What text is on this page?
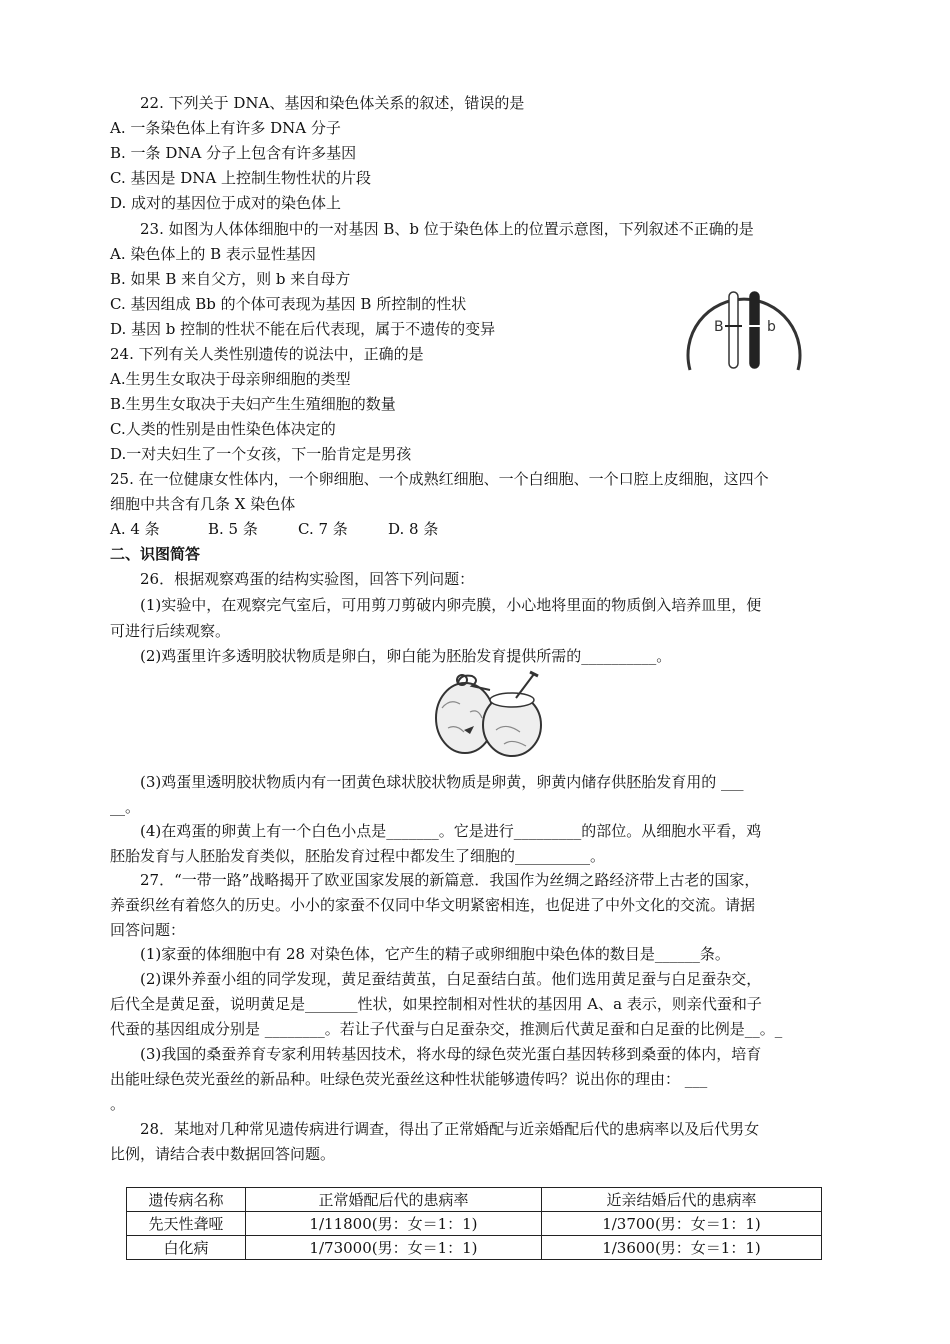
22. 下列关于 DNA、基因和染色体关系的叙述，错误的是
A. 一条染色体上有许多 DNA 分子
B. 一条 DNA 分子上包含有许多基因
C. 基因是 DNA 上控制生物性状的片段
D. 成对的基因位于成对的染色体上
23. 如图为人体体细胞中的一对基因 B、b 位于染色体上的位置示意图，下列叙述不正确的是
A. 染色体上的 B 表示显性基因
B. 如果 B 来自父方，则 b 来自母方
C. 基因组成 Bb 的个体可表现为基因 B 所控制的性状
D. 基因 b 控制的性状不能在后代表现，属于不遗传的变异	B	b
24. 下列有关人类性别遗传的说法中，正确的是
A.生男生女取决于母亲卵细胞的类型
B.生男生女取决于夫妇产生生殖细胞的数量
C.人类的性别是由性染色体决定的
D.一对夫妇生了一个女孩，下一胎肯定是男孩
25. 在一位健康女性体内，一个卵细胞、一个成熟红细胞、一个白细胞、一个口腔上皮细胞，这四个
细胞中共含有几条 X 染色体
A. 4 条	B. 5 条	C. 7 条	D. 8 条
二、识图简答
26．根据观察鸡蛋的结构实验图，回答下列问题：
(1)实验中，在观察完气室后，可用剪刀剪破内卵壳膜，小心地将里面的物质倒入培养皿里，便
可进行后续观察。
(2)鸡蛋里许多透明胶状物质是卵白，卵白能为胚胎发育提供所需的__________。
(3)鸡蛋里透明胶状物质内有一团黄色球状胶状物质是卵黄，卵黄内储存供胚胎发育用的 ___
__。
(4)在鸡蛋的卵黄上有一个白色小点是_______。它是进行_________的部位。从细胞水平看，鸡
胚胎发育与人胚胎发育类似，胚胎发育过程中都发生了细胞的__________。
27．“一带一路”战略揭开了欧亚国家发展的新篇意．我国作为丝绸之路经济带上古老的国家，
养蚕织丝有着悠久的历史。小小的家蚕不仅同中华文明紧密相连，也促进了中外文化的交流。请据
回答问题：
(1)家蚕的体细胞中有 28 对染色体，它产生的精子或卵细胞中染色体的数目是______条。
(2)课外养蚕小组的同学发现，黄足蚕结黄茧，白足蚕结白茧。他们选用黄足蚕与白足蚕杂交，
后代全是黄足蚕，说明黄足是_______性状，如果控制相对性状的基因用 A、a 表示，则亲代蚕和子
代蚕的基因组成分别是 ________。若让子代蚕与白足蚕杂交，推测后代黄足蚕和白足蚕的比例是__。_
(3)我国的桑蚕养育专家利用转基因技术，将水母的绿色荧光蛋白基因转移到桑蚕的体内，培育
出能吐绿色荧光蚕丝的新品种。吐绿色荧光蚕丝这种性状能够遗传吗？说出你的理由： ___
。
28．某地对几种常见遗传病进行调查，得出了正常婚配与近亲婚配后代的患病率以及后代男女
比例，请结合表中数据回答问题。
遗传病名称	正常婚配后代的患病率	近亲结婚后代的患病率
先天性聋哑	1/11800(男：女＝1：1)	1/3700(男：女＝1：1)
白化病	1/73000(男：女＝1：1)	1/3600(男：女＝1：1)
